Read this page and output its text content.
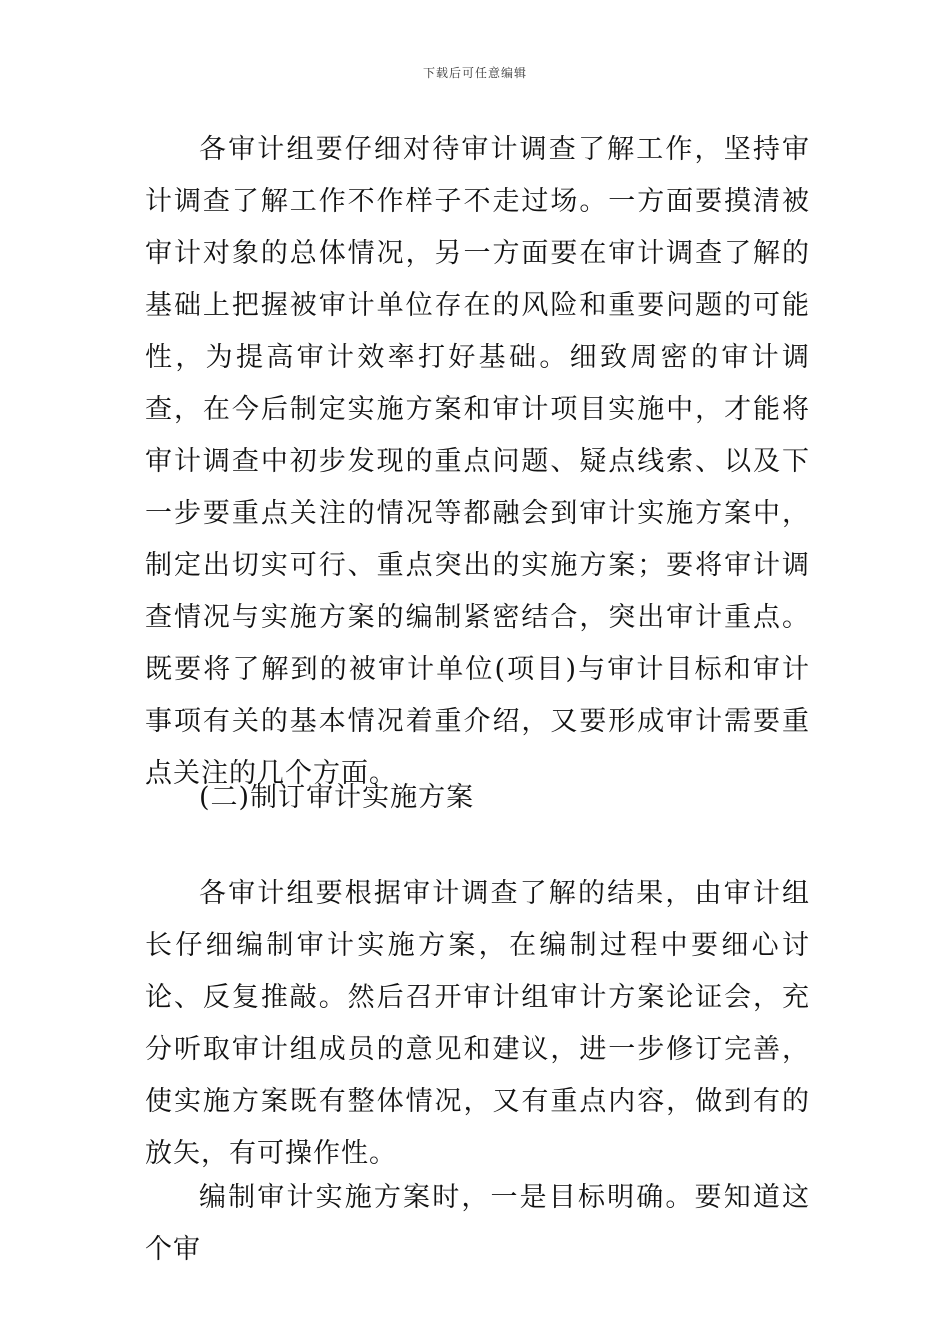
下载后可任意编辑

各审计组要仔细对待审计调查了解工作，坚持审计调查了解工作不作样子不走过场。一方面要摸清被审计对象的总体情况，另一方面要在审计调查了解的基础上把握被审计单位存在的风险和重要问题的可能性，为提高审计效率打好基础。细致周密的审计调查，在今后制定实施方案和审计项目实施中，才能将审计调查中初步发现的重点问题、疑点线索、以及下一步要重点关注的情况等都融会到审计实施方案中，制定出切实可行、重点突出的实施方案；要将审计调查情况与实施方案的编制紧密结合，突出审计重点。既要将了解到的被审计单位(项目)与审计目标和审计事项有关的基本情况着重介绍，又要形成审计需要重点关注的几个方面。

(二)制订审计实施方案

各审计组要根据审计调查了解的结果，由审计组长仔细编制审计实施方案，在编制过程中要细心讨论、反复推敲。然后召开审计组审计方案论证会，充分听取审计组成员的意见和建议，进一步修订完善，使实施方案既有整体情况，又有重点内容，做到有的放矢，有可操作性。

编制审计实施方案时，一是目标明确。要知道这个审
